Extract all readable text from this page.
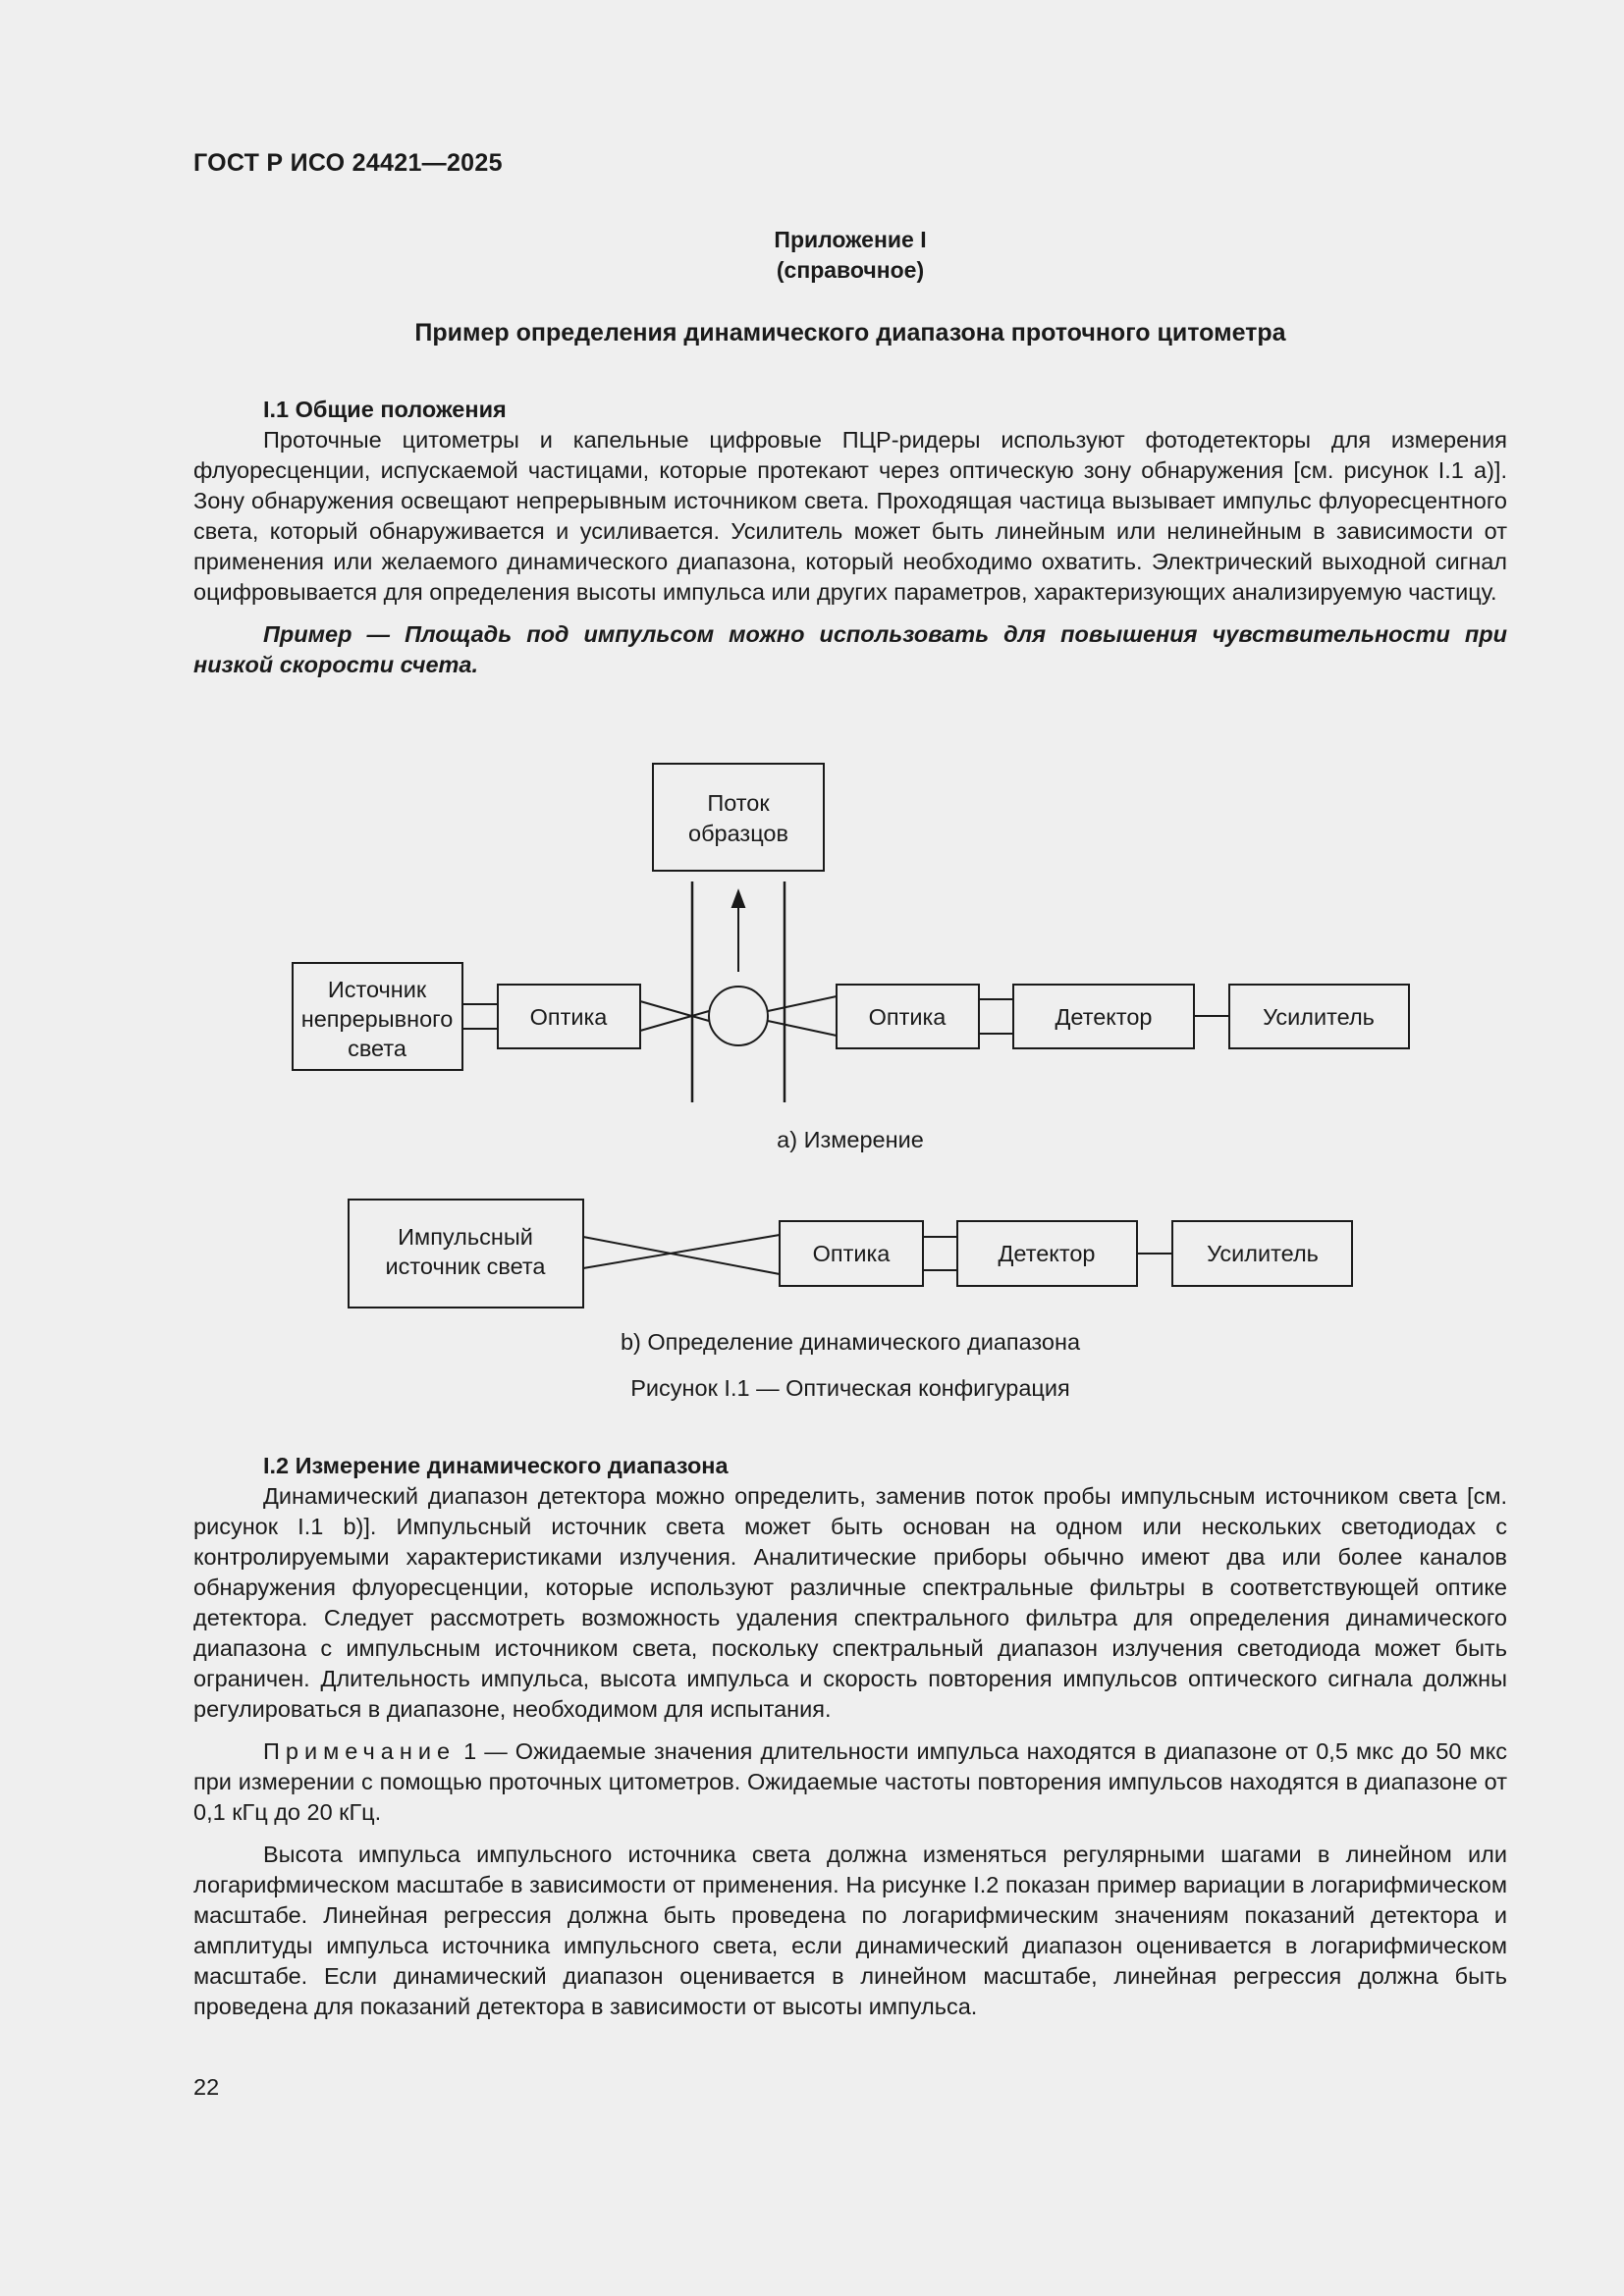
ГОСТ Р ИСО 24421—2025
Приложение I
(справочное)
Пример определения динамического диапазона проточного цитометра

I.1 Общие положения

Проточные цитометры и капельные цифровые ПЦР-ридеры используют фотодетекторы для измерения флуоресценции, испускаемой частицами, которые протекают через оптическую зону обнаружения [см. рисунок I.1 a)]. Зону обнаружения освещают непрерывным источником света. Проходящая частица вызывает импульс флуоресцентного света, который обнаруживается и усиливается. Усилитель может быть линейным или нелинейным в зависимости от применения или желаемого динамического диапазона, который необходимо охватить. Электрический выходной сигнал оцифровывается для определения высоты импульса или других параметров, характеризующих анализируемую частицу.

Пример — Площадь под импульсом можно использовать для повышения чувствительности при низкой скорости счета.

Поток
образцов
Источник
непрерывного
света
Оптика	Оптика	Детектор	Усилитель
а) Измерение
Импульсный
источник света	Оптика	Детектор	Усилитель
b) Определение динамического диапазона
Рисунок I.1 — Оптическая конфигурация

I.2 Измерение динамического диапазона

Динамический диапазон детектора можно определить, заменив поток пробы импульсным источником света [см. рисунок I.1 b)]. Импульсный источник света может быть основан на одном или нескольких светодиодах с контролируемыми характеристиками излучения. Аналитические приборы обычно имеют два или более каналов обнаружения флуоресценции, которые используют различные спектральные фильтры в соответствующей оптике детектора. Следует рассмотреть возможность удаления спектрального фильтра для определения динамического диапазона с импульсным источником света, поскольку спектральный диапазон излучения светодиода может быть ограничен. Длительность импульса, высота импульса и скорость повторения импульсов оптического сигнала должны регулироваться в диапазоне, необходимом для испытания.

Примечание 1 — Ожидаемые значения длительности импульса находятся в диапазоне от 0,5 мкс до 50 мкс при измерении с помощью проточных цитометров. Ожидаемые частоты повторения импульсов находятся в диапазоне от 0,1 кГц до 20 кГц.

Высота импульса импульсного источника света должна изменяться регулярными шагами в линейном или логарифмическом масштабе в зависимости от применения. На рисунке I.2 показан пример вариации в логарифмическом масштабе. Линейная регрессия должна быть проведена по логарифмическим значениям показаний детектора и амплитуды импульса источника импульсного света, если динамический диапазон оценивается в логарифмическом масштабе. Если динамический диапазон оценивается в линейном масштабе, линейная регрессия должна быть проведена для показаний детектора в зависимости от высоты импульса.

22
